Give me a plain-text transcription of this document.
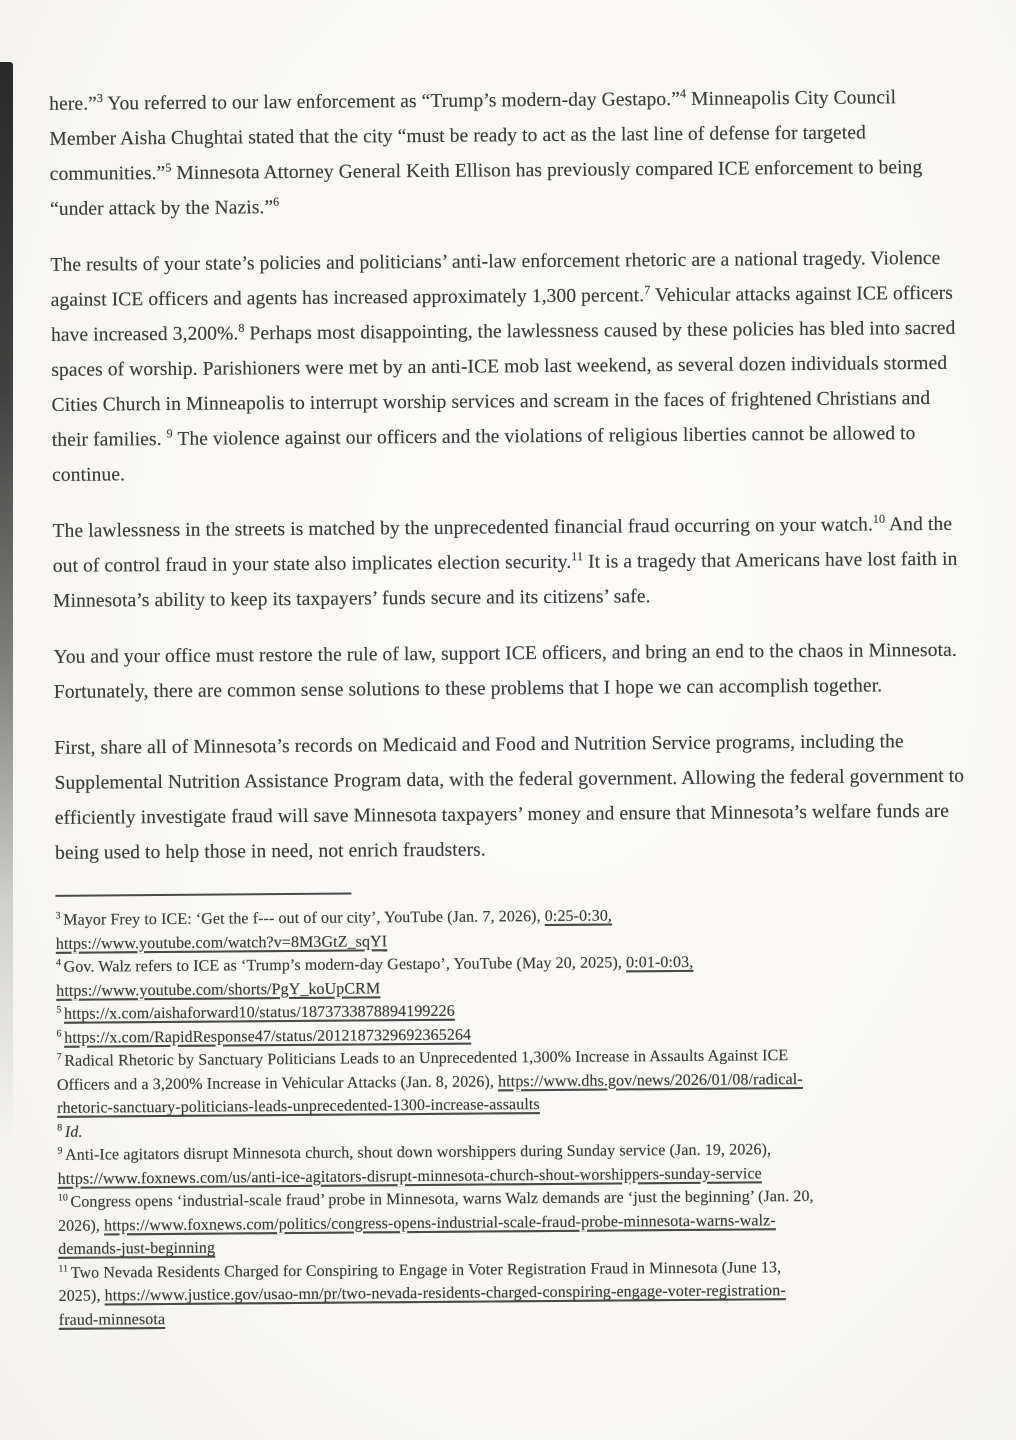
here.”$^3$ You referred to our law enforcement as “Trump’s modern-day Gestapo.”$^4$ Minneapolis City Council Member Aisha Chughtai stated that the city “must be ready to act as the last line of defense for targeted communities.”$^5$ Minnesota Attorney General Keith Ellison has previously compared ICE enforcement to being “under attack by the Nazis.”$^6$

The results of your state’s policies and politicians’ anti-law enforcement rhetoric are a national tragedy. Violence against ICE officers and agents has increased approximately 1,300 percent.$^7$ Vehicular attacks against ICE officers have increased 3,200%.$^8$ Perhaps most disappointing, the lawlessness caused by these policies has bled into sacred spaces of worship. Parishioners were met by an anti-ICE mob last weekend, as several dozen individuals stormed Cities Church in Minneapolis to interrupt worship services and scream in the faces of frightened Christians and their families. $^9$ The violence against our officers and the violations of religious liberties cannot be allowed to continue.

The lawlessness in the streets is matched by the unprecedented financial fraud occurring on your watch.$^{10}$ And the out of control fraud in your state also implicates election security.$^{11}$ It is a tragedy that Americans have lost faith in Minnesota’s ability to keep its taxpayers’ funds secure and its citizens’ safe.

You and your office must restore the rule of law, support ICE officers, and bring an end to the chaos in Minnesota. Fortunately, there are common sense solutions to these problems that I hope we can accomplish together.

First, share all of Minnesota’s records on Medicaid and Food and Nutrition Service programs, including the Supplemental Nutrition Assistance Program data, with the federal government. Allowing the federal government to efficiently investigate fraud will save Minnesota taxpayers’ money and ensure that Minnesota’s welfare funds are being used to help those in need, not enrich fraudsters.

$^3$ Mayor Frey to ICE: ‘Get the f--- out of our city’, YouTube (Jan. 7, 2026), 0:25-0:30,
https://www.youtube.com/watch?v=8M3GtZ_sqYI
$^4$ Gov. Walz refers to ICE as ‘Trump’s modern-day Gestapo’, YouTube (May 20, 2025), 0:01-0:03,
https://www.youtube.com/shorts/PgY_koUpCRM
$^5$ https://x.com/aishaforward10/status/1873733878894199226
$^6$ https://x.com/RapidResponse47/status/2012187329692365264
$^7$ Radical Rhetoric by Sanctuary Politicians Leads to an Unprecedented 1,300% Increase in Assaults Against ICE
Officers and a 3,200% Increase in Vehicular Attacks (Jan. 8, 2026), https://www.dhs.gov/news/2026/01/08/radical-
rhetoric-sanctuary-politicians-leads-unprecedented-1300-increase-assaults
$^8$ Id.
$^9$ Anti-Ice agitators disrupt Minnesota church, shout down worshippers during Sunday service (Jan. 19, 2026),
https://www.foxnews.com/us/anti-ice-agitators-disrupt-minnesota-church-shout-worshippers-sunday-service
$^{10}$ Congress opens ‘industrial-scale fraud’ probe in Minnesota, warns Walz demands are ‘just the beginning’ (Jan. 20,
2026), https://www.foxnews.com/politics/congress-opens-industrial-scale-fraud-probe-minnesota-warns-walz-
demands-just-beginning
$^{11}$ Two Nevada Residents Charged for Conspiring to Engage in Voter Registration Fraud in Minnesota (June 13,
2025), https://www.justice.gov/usao-mn/pr/two-nevada-residents-charged-conspiring-engage-voter-registration-
fraud-minnesota
